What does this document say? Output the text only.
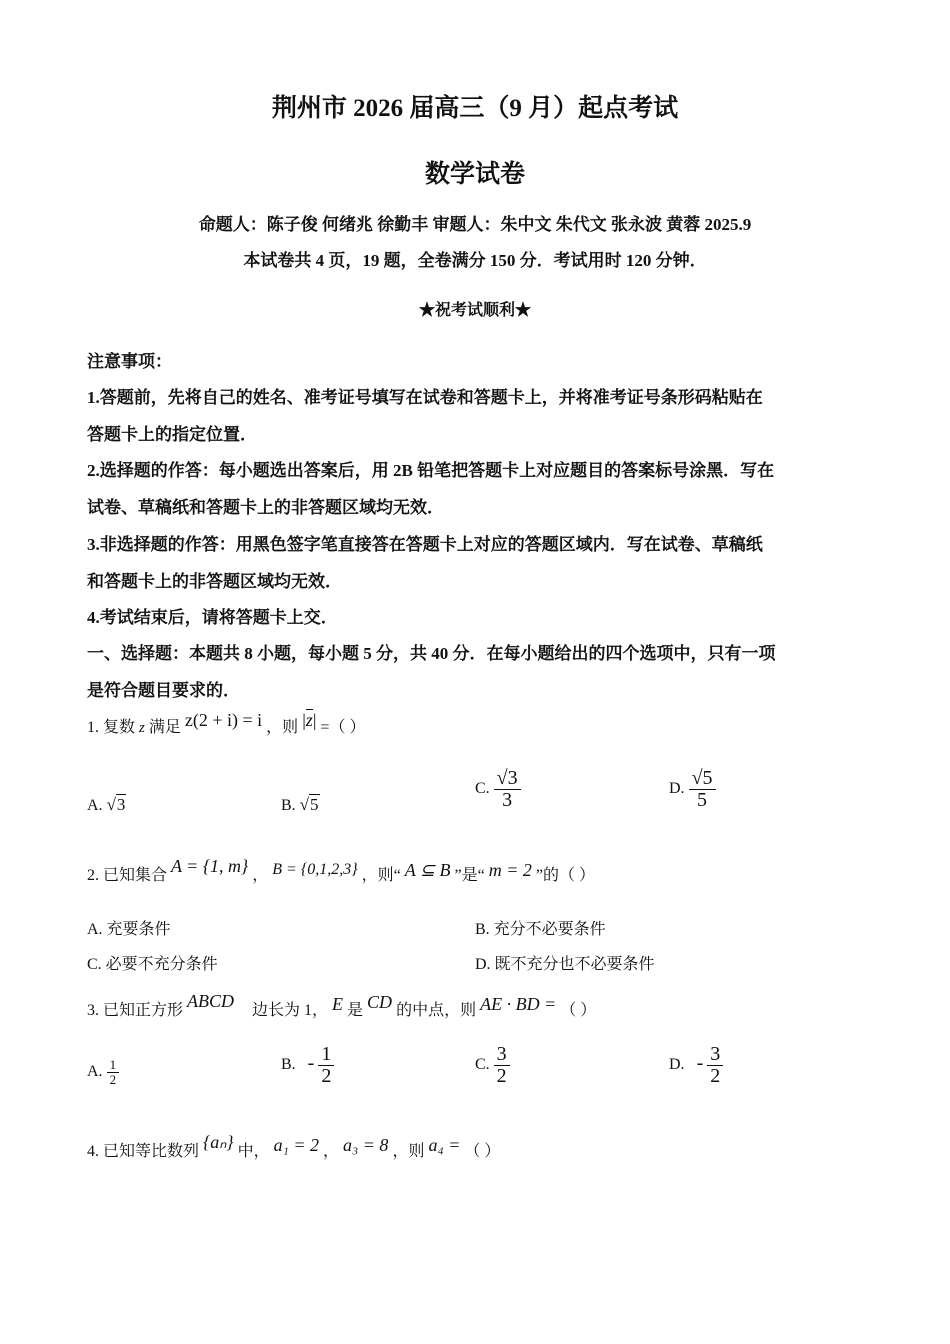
荆州市 2026 届高三（9 月）起点考试
数学试卷
命题人：陈子俊 何绪兆 徐勤丰 审题人：朱中文 朱代文 张永波 黄蓉 2025.9
本试卷共 4 页，19 题，全卷满分 150 分．考试用时 120 分钟．
★祝考试顺利★
注意事项：
1.答题前，先将自己的姓名、准考证号填写在试卷和答题卡上，并将准考证号条形码粘贴在
答题卡上的指定位置．
2.选择题的作答：每小题选出答案后，用 2B 铅笔把答题卡上对应题目的答案标号涂黑．写在
试卷、草稿纸和答题卡上的非答题区域均无效．
3.非选择题的作答：用黑色签字笔直接答在答题卡上对应的答题区域内．写在试卷、草稿纸
和答题卡上的非答题区域均无效．
4.考试结束后，请将答题卡上交．
一、选择题：本题共 8 小题，每小题 5 分，共 40 分．在每小题给出的四个选项中，只有一项
是符合题目要求的．
1. 复数 z 满足 z(2 + i) = i ，则 |z| =（ ）
A. √3	B. √5
C. $\frac{√3}{3}$	D. $\frac{√5}{5}$
2. 已知集合 A = {1, m} ， B = {0,1,2,3} ，则“ A ⊆ B ”是“ m = 2 ”的（ ）
A. 充要条件	B. 充分不必要条件
C. 必要不充分条件	D. 既不充分也不必要条件
3. 已知正方形 ABCD 边长为 1， E 是 CD 的中点，则 AE · BD = （ ）
A. $\frac{1}{2}$	B. - $\frac{1}{2}$	C. $\frac{3}{2}$	D. - $\frac{3}{2}$
4. 已知等比数列 {aₙ} 中， a₁ = 2 ， a₃ = 8 ，则 a₄ = （ ）
